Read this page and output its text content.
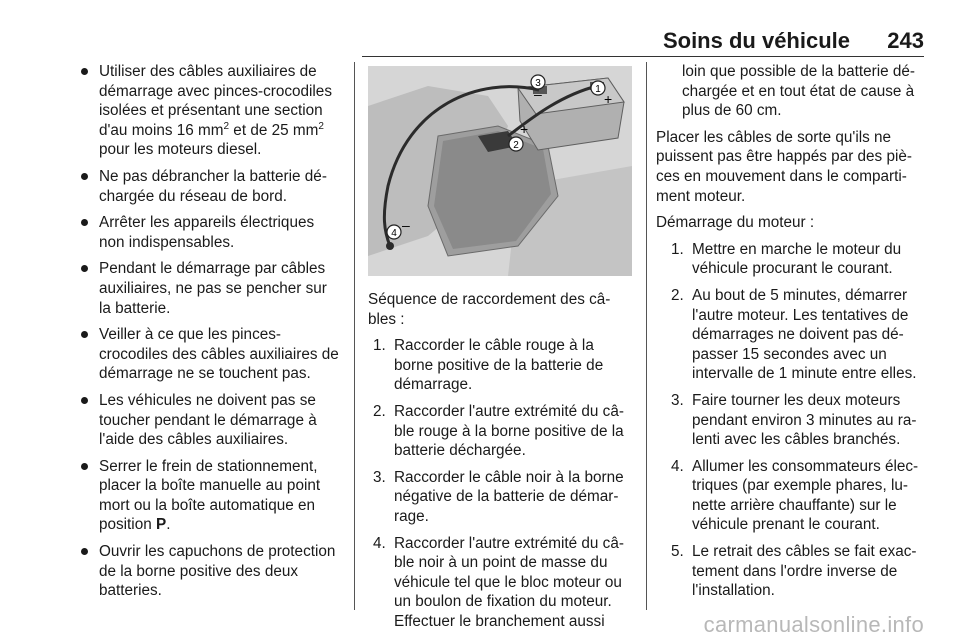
Soins du véhicule 243
Utiliser des câbles auxiliaires de démarrage avec pinces-crocodiles isolées et présentant une section d'au moins 16 $mm^2$ et de 25 $mm^2$ pour les moteurs diesel.
Ne pas débrancher la batterie déchargée du réseau de bord.
Arrêter les appareils électriques non indispensables.
Pendant le démarrage par câbles auxiliaires, ne pas se pencher sur la batterie.
Veiller à ce que les pinces-crocodiles des câbles auxiliaires de démarrage ne se touchent pas.
Les véhicules ne doivent pas se toucher pendant le démarrage à l'aide des câbles auxiliaires.
Serrer le frein de stationnement, placer la boîte manuelle au point mort ou la boîte automatique en position P.
Ouvrir les capuchons de protection de la borne positive des deux batteries.
3
1
2
4
–	+
+
–

Séquence de raccordement des câbles :

1. Raccorder le câble rouge à la borne positive de la batterie de démarrage.
2. Raccorder l'autre extrémité du câble rouge à la borne positive de la batterie déchargée.
3. Raccorder le câble noir à la borne négative de la batterie de démarrage.
4. Raccorder l'autre extrémité du câble noir à un point de masse du véhicule tel que le bloc moteur ou un boulon de fixation du moteur. Effectuer le branchement aussi

loin que possible de la batterie déchargée et en tout état de cause à plus de 60 cm.

Placer les câbles de sorte qu'ils ne puissent pas être happés par des pièces en mouvement dans le compartiment moteur.

Démarrage du moteur :

1. Mettre en marche le moteur du véhicule procurant le courant.
2. Au bout de 5 minutes, démarrer l'autre moteur. Les tentatives de démarrages ne doivent pas dépasser 15 secondes avec un intervalle de 1 minute entre elles.
3. Faire tourner les deux moteurs pendant environ 3 minutes au ralenti avec les câbles branchés.
4. Allumer les consommateurs électriques (par exemple phares, lunette arrière chauffante) sur le véhicule prenant le courant.
5. Le retrait des câbles se fait exactement dans l'ordre inverse de l'installation.
carmanualsonline.info
